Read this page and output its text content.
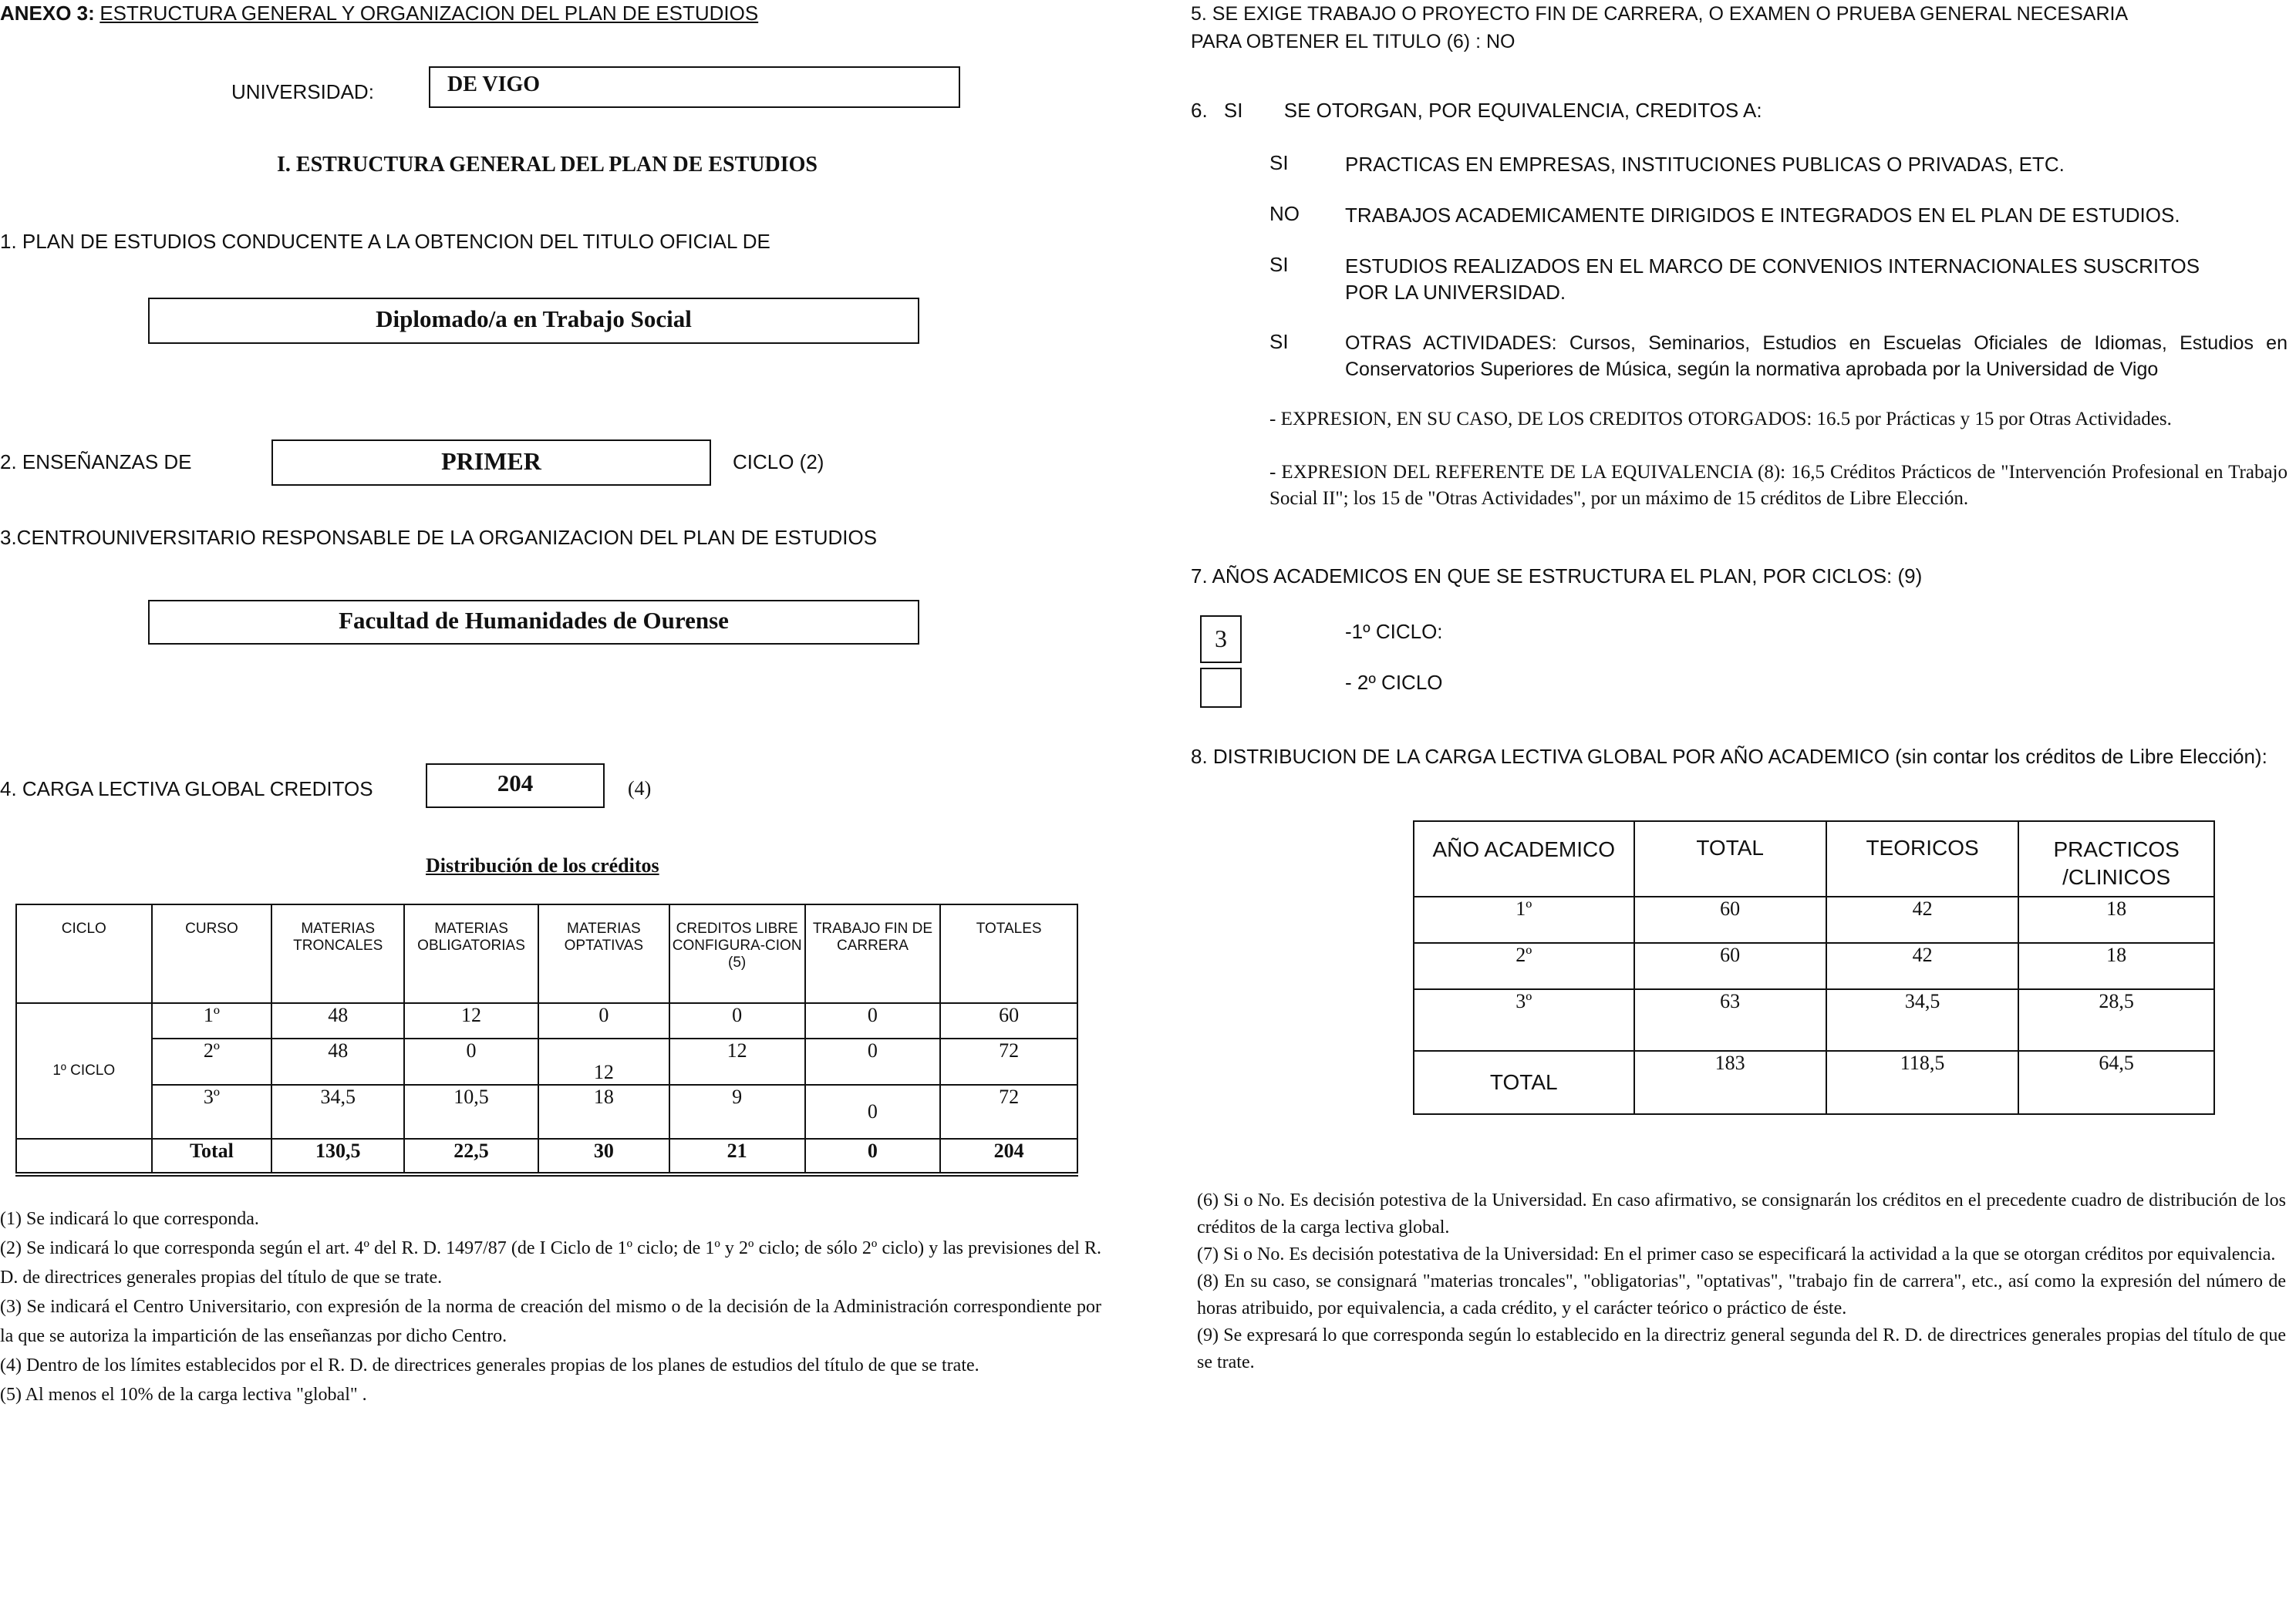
ANEXO 3: ESTRUCTURA GENERAL Y ORGANIZACION DEL PLAN DE ESTUDIOS
UNIVERSIDAD:	DE VIGO
I. ESTRUCTURA GENERAL DEL PLAN DE ESTUDIOS
1. PLAN DE ESTUDIOS CONDUCENTE A LA OBTENCION DEL TITULO OFICIAL DE
Diplomado/a en Trabajo Social
2. ENSEÑANZAS DE	PRIMER	CICLO (2)
3.CENTROUNIVERSITARIO RESPONSABLE DE LA ORGANIZACION DEL PLAN DE ESTUDIOS
Facultad de Humanidades de Ourense
4. CARGA LECTIVA GLOBAL CREDITOS	204	(4)
Distribución de los créditos
CICLO	CURSO	MATERIAS TRONCALES	MATERIAS OBLIGATORIAS	MATERIAS OPTATIVAS	CREDITOS LIBRE CONFIGURA-CION (5)	TRABAJO FIN DE CARRERA	TOTALES
1º CICLO	1º	48	12	0	0	0	60
	2º	48	0	12	12	0	72
	3º	34,5	10,5	18	9	0	72
	Total	130,5	22,5	30	21	0	204
(1) Se indicará lo que corresponda.
(2) Se indicará lo que corresponda según el art. 4º del R. D. 1497/87 (de I Ciclo de 1º ciclo; de 1º y 2º ciclo; de sólo 2º ciclo) y las previsiones del R. D. de directrices generales propias del título de que se trate.
(3) Se indicará el Centro Universitario, con expresión de la norma de creación del mismo o de la decisión de la Administración correspondiente por la que se autoriza la impartición de las enseñanzas por dicho Centro.
(4) Dentro de los límites establecidos por el R. D. de directrices generales propias de los planes de estudios del título de que se trate.
(5) Al menos el 10% de la carga lectiva "global" .
5. SE EXIGE TRABAJO O PROYECTO FIN DE CARRERA, O EXAMEN O PRUEBA GENERAL NECESARIA
PARA OBTENER EL TITULO (6) : NO
6. SI SE OTORGAN, POR EQUIVALENCIA, CREDITOS A:
SI	PRACTICAS EN EMPRESAS, INSTITUCIONES PUBLICAS O PRIVADAS, ETC.
NO TRABAJOS ACADEMICAMENTE DIRIGIDOS E INTEGRADOS EN EL PLAN DE ESTUDIOS.
SI	ESTUDIOS REALIZADOS EN EL MARCO DE CONVENIOS INTERNACIONALES SUSCRITOS POR LA UNIVERSIDAD.
SI	OTRAS ACTIVIDADES: Cursos, Seminarios, Estudios en Escuelas Oficiales de Idiomas, Estudios en Conservatorios Superiores de Música, según la normativa aprobada por la Universidad de Vigo
- EXPRESION, EN SU CASO, DE LOS CREDITOS OTORGADOS: 16.5 por Prácticas y 15 por Otras Actividades.
- EXPRESION DEL REFERENTE DE LA EQUIVALENCIA (8): 16,5 Créditos Prácticos de "Intervención Profesional en Trabajo Social II"; los 15 de "Otras Actividades", por un máximo de 15 créditos de Libre Elección.
7. AÑOS ACADEMICOS EN QUE SE ESTRUCTURA EL PLAN, POR CICLOS: (9)
3	-1º CICLO:
- 2º CICLO
8. DISTRIBUCION DE LA CARGA LECTIVA GLOBAL POR AÑO ACADEMICO (sin contar los créditos de Libre Elección):
AÑO ACADEMICO	TOTAL	TEORICOS	PRACTICOS /CLINICOS
1º	60	42	18
2º	60	42	18
3º	63	34,5	28,5
TOTAL	183	118,5	64,5
(6) Si o No. Es decisión potestiva de la Universidad. En caso afirmativo, se consignarán los créditos en el precedente cuadro de distribución de los créditos de la carga lectiva global.
(7) Si o No. Es decisión potestativa de la Universidad: En el primer caso se especificará la actividad a la que se otorgan créditos por equivalencia.
(8) En su caso, se consignará "materias troncales", "obligatorias", "optativas", "trabajo fin de carrera", etc., así como la expresión del número de horas atribuido, por equivalencia, a cada crédito, y el carácter teórico o práctico de éste.
(9) Se expresará lo que corresponda según lo establecido en la directriz general segunda del R. D. de directrices generales propias del título de que se trate.
